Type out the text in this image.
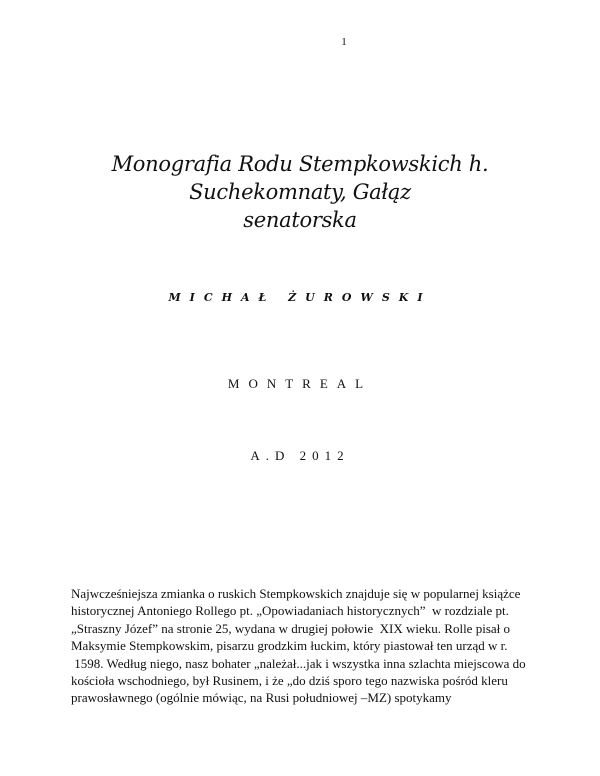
1
Monografia Rodu Stempkowskich h. Suchekomnaty, Gałąz
senatorska
MICHAŁ ŻUROWSKI
MONTREAL
A.D 2012
Najwcześniejsza zmianka o ruskich Stempkowskich znajduje się w popularnej książce
historycznej Antoniego Rollego pt. „Opowiadaniach historycznych”  w rozdziale pt.
„Straszny Józef” na stronie 25, wydana w drugiej połowie  XIX wieku. Rolle pisał o
Maksymie Stempkowskim, pisarzu grodzkim łuckim, który piastował ten urząd w r.
1598. Według niego, nasz bohater „należał...jak i wszystka inna szlachta miejscowa do
kościoła wschodniego, był Rusinem, i że „do dziś sporo tego nazwiska pośród kleru
prawosławnego (ogólnie mówiąc, na Rusi południowej –MZ) spotykamy
